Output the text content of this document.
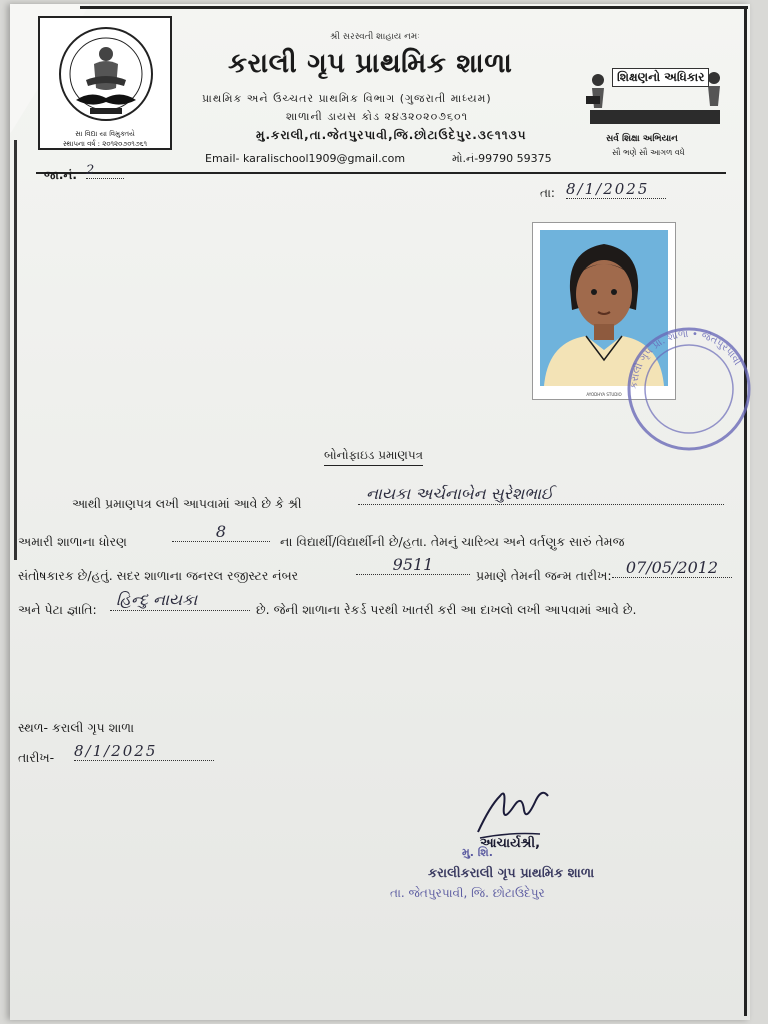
સા વિદ્યા યા વિમુક્તયે
સ્થાપના વર્ષ : ૨૦૧૨૦૭૦૧૭૬૧
શ્રી સરસ્વતી શાહાય નમઃ
કરાલી ગૃપ પ્રાથમિક શાળા
પ્રાથમિક અને ઉચ્ચતર પ્રાથમિક વિભાગ (ગુજરાતી માધ્યમ)
શાળાની ડાયસ કોડ ૨૪૩૨૦૨૦૭૬૦૧
મુ.કરાલી,તા.જેતપુરપાવી,જિ.છોટાઉદેપુર.૩૯૧૧૩૫
Email- karalischool1909@gmail.com	મો.નં-99790 59375
શિક્ષણનો અધિકાર
સર્વ શિક્ષા અભિયાન
સૌ ભણે સૌ આગળ વધે
જા.નં. 2
તા: 8/1/2025
AYODHYA STUDIO
કરાલી ગૃપ પ્રા. શાળા • જેતપુરપાવી
બોનોફાઇડ પ્રમાણપત્ર
આથી પ્રમાણપત્ર લખી આપવામાં આવે છે કે શ્રી
નાયકા અર્ચનાબેન સુરેશભાઈ
અમારી શાળાના ધોરણ
8
ના વિદ્યાર્થી/વિદ્યાર્થીની છે/હતા. તેમનું ચારિત્ર્ય અને વર્તણુક સારું તેમજ
સંતોષકારક છે/હતું. સદર શાળાના જનરલ રજીસ્ટર નંબર
9511
પ્રમાણે તેમની જન્મ તારીખ: 07/05/2012
અને પેટા જ્ઞાતિ:
હિન્દુ નાયકા
છે. જેની શાળાના રેકર્ડ પરથી ખાતરી કરી આ દાખલો લખી આપવામાં આવે છે.
સ્થળ- કરાલી ગૃપ શાળા
તારીખ- 8/1/2025
આચાર્યશ્રી,
મુ. શિ.
કરાલીકરાલી ગૃપ પ્રાથમિક શાળા
તા. જેતપુરપાવી, જિ. છોટાઉદેપુર
